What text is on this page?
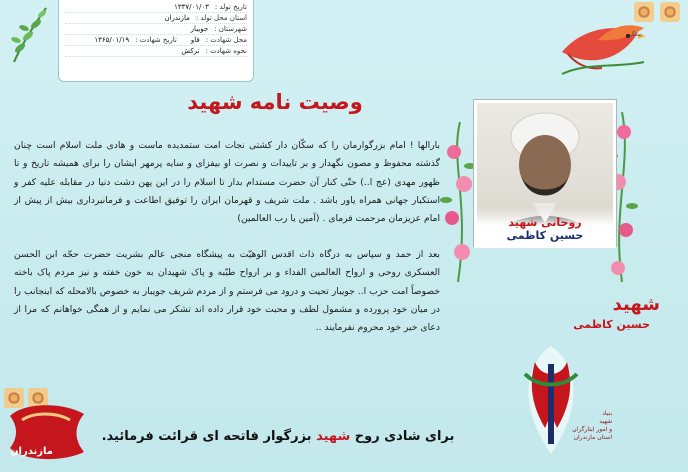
سنگر
تاریخ تولد :
۱۳۳۷/۰۱/۰۳
استان محل تولد :
مازندران
شهرستان :
جویبار
محل شهادت :
فاو
تاریخ شهادت :
۱۳۶۵/۰۱/۱۹
نحوه شهادت :
ترکش
وصیت نامه شهید

بارالها ! امام بزرگوارمان را که سکّان دار کشتی نجات امت ستمدیده ماست و هادی ملت اسلام است چنان گذشته محفوظ و مصون نگهدار و بر تاییدات و نصرت او بیفزای و سایه پرمهر ایشان را برای همیشه تاریخ و تا ظهور مهدی (عج ا..) حتّی کنار آن حضرت مستدام بدار تا اسلام را در این پهن دشت دنیا در مقابله علیه کفر و استکبار جهانی همراه یاور باشد . ملت شریف و قهرمان ایران را توفیق اطاعت و فرمانبرداری بیش از پیش از امام عزیزمان مرحمت فرمای . (آمین یا رب العالمین)

بعد از حمد و سپاس به درگاه ذات اقدس الوهیّت به پیشگاه منجی عالم بشریت حضرت حجّه ابن الحسن العسکری روحی و ارواح العالمین الفداء و بر ارواح طیّبه و پاک شهیدان به خون خفته و نیز مردم پاک باخته خصوصاً امت حزب ا.. جویبار تحیت و درود می فرستم و از مردم شریف جویبار به خصوص بالامحله که اینجانب را در میان خود پرورده و مشمول لطف و محبت خود قرار داده اند تشکر می نمایم و از همگی خواهانم که مرا از دعای خیر خود محروم نفرمایند ..

روحانی شهید
حسین کاظمی
شهید
حسین کاظمی
بنیاد
شهید
و امور ایثارگران
استان مازندران
برای شادی روح شهید بزرگوار فاتحه ای قرائت فرمائید.
مازندران
